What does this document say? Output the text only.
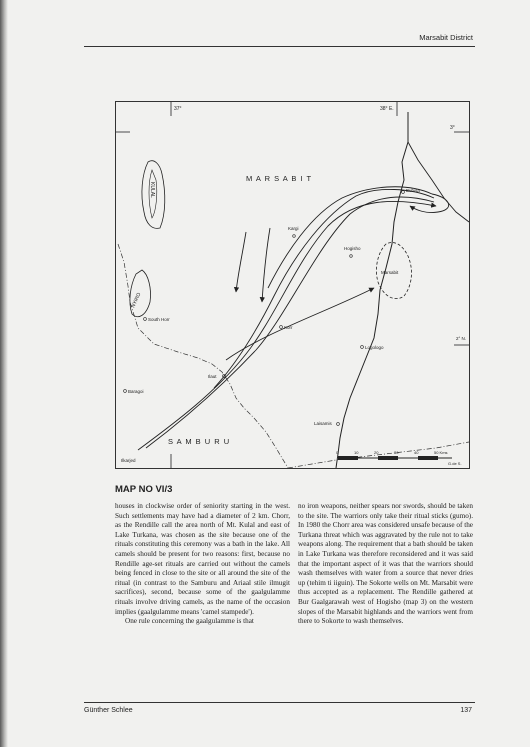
Marsabit District
37°	38° E.
3°
2° N.
KULAL
NYIRO
M A R S A B I T
S A M B U R U
Kargi
Hogisho
Bubisa
Marsabit
Korr
Logologo
South Horr
Baragoi
Ilaut
Laisamis
Ilkarjed
0	10	20	30	40	50 Kms
G.de S.
MAP NO VI/3

houses in clockwise order of seniority starting in the west. Such settlements may have had a diameter of 2 km. Chorr, as the Rendille call the area north of Mt. Kulal and east of Lake Turkana, was chosen as the site because one of the rituals constituting this ceremony was a bath in the lake. All camels should be present for two reasons: first, because no Rendille age-set rituals are carried out without the camels being fenced in close to the site or all around the site of the ritual (in contrast to the Samburu and Ariaal stile ilmugit sacrifices), second, because some of the gaalgulamme rituals involve driving camels, as the name of the occasion implies (gaalgulamme means 'camel stampede').

One rule concerning the gaalgulamme is that

no iron weapons, neither spears nor swords, should be taken to the site. The warriors only take their ritual sticks (gumo). In 1980 the Chorr area was considered unsafe because of the Turkana threat which was aggravated by the rule not to take weapons along. The requirement that a bath should be taken in Lake Turkana was therefore reconsidered and it was said that the important aspect of it was that the warriors should wash themselves with water from a source that never dries up (tehim ti iiguin). The Sokorte wells on Mt. Marsabit were thus accepted as a replacement. The Rendille gathered at Bur Gaalgarawah west of Hogisho (map 3) on the western slopes of the Marsabit highlands and the warriors went from there to Sokorte to wash themselves.

Günther Schlee	137
